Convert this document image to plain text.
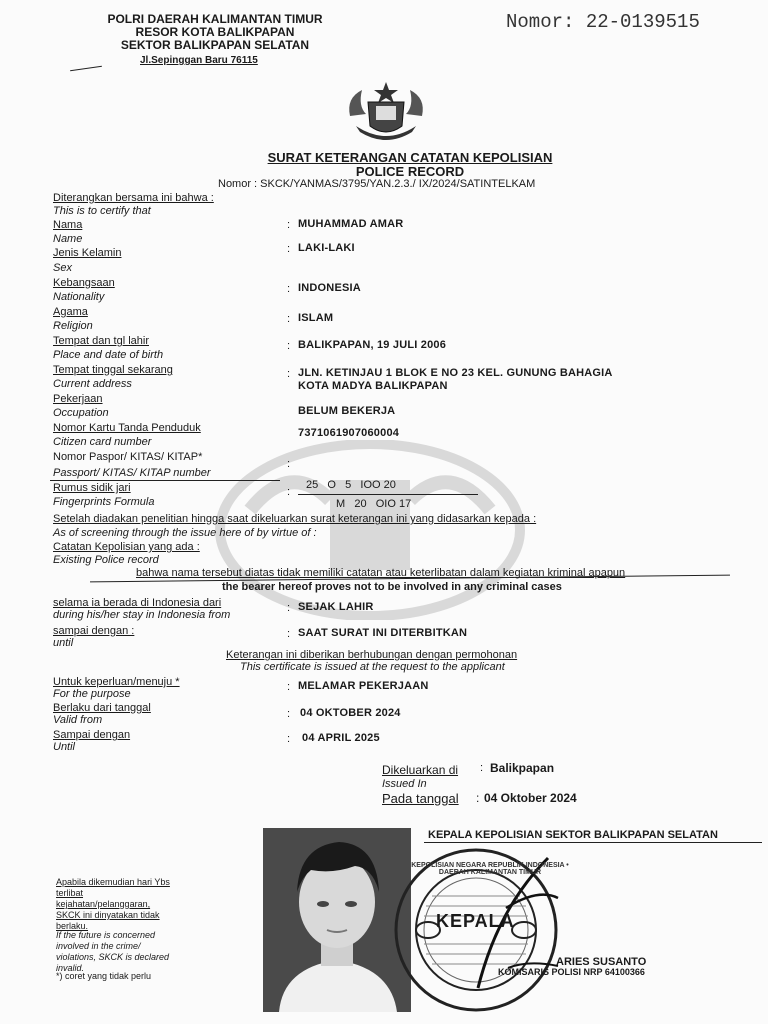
POLRI DAERAH KALIMANTAN TIMUR
RESOR KOTA BALIKPAPAN
SEKTOR BALIKPAPAN SELATAN
Jl.Sepinggan Baru 76115
Nomor: 22-0139515
SURAT KETERANGAN CATATAN KEPOLISIAN
POLICE RECORD
Nomor : SKCK/YANMAS/3795/YAN.2.3./ IX/2024/SATINTELKAM
Diterangkan bersama ini bahwa :
This is to certify that
Nama
Name
: MUHAMMAD AMAR
Jenis Kelamin
Sex
: LAKI-LAKI
Kebangsaan
Nationality
: INDONESIA
Agama
Religion
: ISLAM
Tempat dan tgl lahir
Place and date of birth
: BALIKPAPAN, 19 JULI 2006
Tempat tinggal sekarang
Current address
: JLN. KETINJAU 1 BLOK E NO 23 KEL. GUNUNG BAHAGIA
KOTA MADYA BALIKPAPAN
Pekerjaan
Occupation	BELUM BEKERJA
Nomor Kartu Tanda Penduduk
Citizen card number
7371061907060004
Nomor Paspor/ KITAS/ KITAP*
Passport/ KITAS/ KITAP number
:
Rumus sidik jari
Fingerprints Formula
:
25   O   5   IOO 20
M   20   OIO 17
Setelah diadakan penelitian hingga saat dikeluarkan surat keterangan ini yang didasarkan kepada :
As of screening through the issue here of by virtue of :
Catatan Kepolisian yang ada :
Existing Police record
bahwa nama tersebut diatas tidak memiliki catatan atau keterlibatan dalam kegiatan kriminal apapun
the bearer hereof proves not to be involved in any criminal cases
selama ia berada di Indonesia dari
during his/her stay in Indonesia from
: SEJAK LAHIR
sampai dengan :
until
: SAAT SURAT INI DITERBITKAN
Keterangan ini diberikan berhubungan dengan permohonan
This certificate is issued at the request to the applicant
Untuk keperluan/menuju *
For the purpose
: MELAMAR PEKERJAAN
Berlaku dari tanggal
Valid from	: 04 OKTOBER 2024
Sampai dengan
Until
: 04 APRIL 2025
Dikeluarkan di : Balikpapan
Issued In
Pada tanggal : 04 Oktober 2024
KEPALA KEPOLISIAN SEKTOR BALIKPAPAN SELATAN
KEPALA
KEPOLISIAN NEGARA REPUBLIK INDONESIA • DAERAH KALIMANTAN TIMUR
ARIES SUSANTO
KOMISARIS POLISI NRP 64100366
Apabila dikemudian hari Ybs terlibat kejahatan/pelanggaran, SKCK ini dinyatakan tidak berlaku.
If the future is concerned involved in the crime/ violations, SKCK is declared invalid.
*) coret yang tidak perlu
